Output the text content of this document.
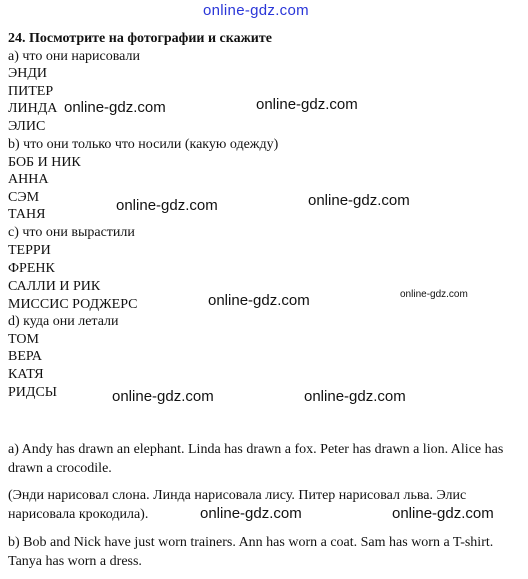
online-gdz.com
24. Посмотрите на фотографии и скажите
а) что они нарисовали
ЭНДИ
ПИТЕР
ЛИНДА
ЭЛИС
b) что они только что носили (какую одежду)
БОБ И НИК
АННА
СЭМ
ТАНЯ
с) что они вырастили
ТЕРРИ
ФРЕНК
САЛЛИ И РИК
МИССИС РОДЖЕРС
d) куда они летали
ТОМ
ВЕРА
КАТЯ
РИДСЫ
online-gdz.com	online-gdz.com
online-gdz.com	online-gdz.com
online-gdz.com	online-gdz.com
online-gdz.com	online-gdz.com
online-gdz.com	online-gdz.com
a) Andy has drawn an elephant. Linda has drawn a fox. Peter has drawn a lion. Alice has drawn a crocodile.
(Энди нарисовал слона. Линда нарисовала лису. Питер нарисовал льва. Элис нарисовала крокодила).
b) Bob and Nick have just worn trainers. Ann has worn a coat. Sam has worn a T-shirt. Tanya has worn a dress.
